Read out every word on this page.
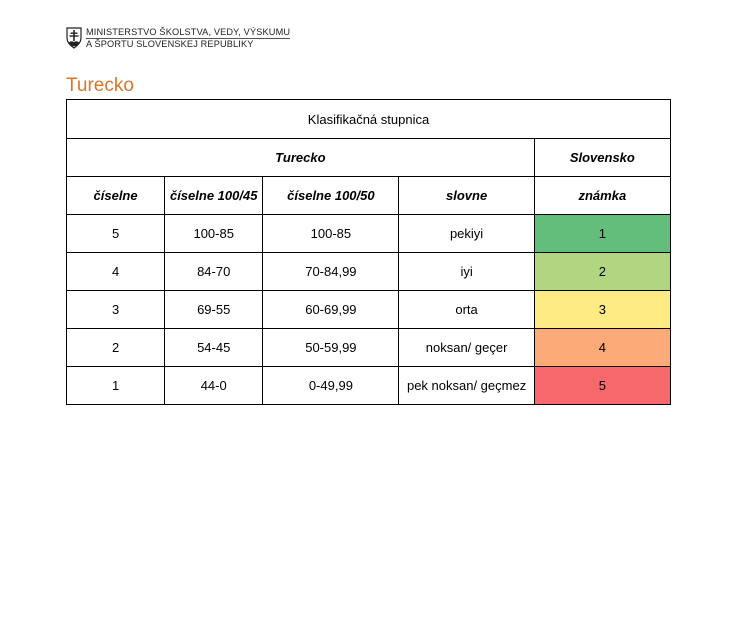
MINISTERSTVO ŠKOLSTVA, VEDY, VÝSKUMU
A ŠPORTU SLOVENSKEJ REPUBLIKY
Turecko
Klasifikačná stupnica				
Turecko				Slovensko
číselne	číselne 100/45	číselne 100/50	slovne	známka
5	100-85	100-85	pekiyi	1
4	84-70	70-84,99	iyi	2
3	69-55	60-69,99	orta	3
2	54-45	50-59,99	noksan/ geçer	4
1	44-0	0-49,99	pek noksan/ geçmez	5
